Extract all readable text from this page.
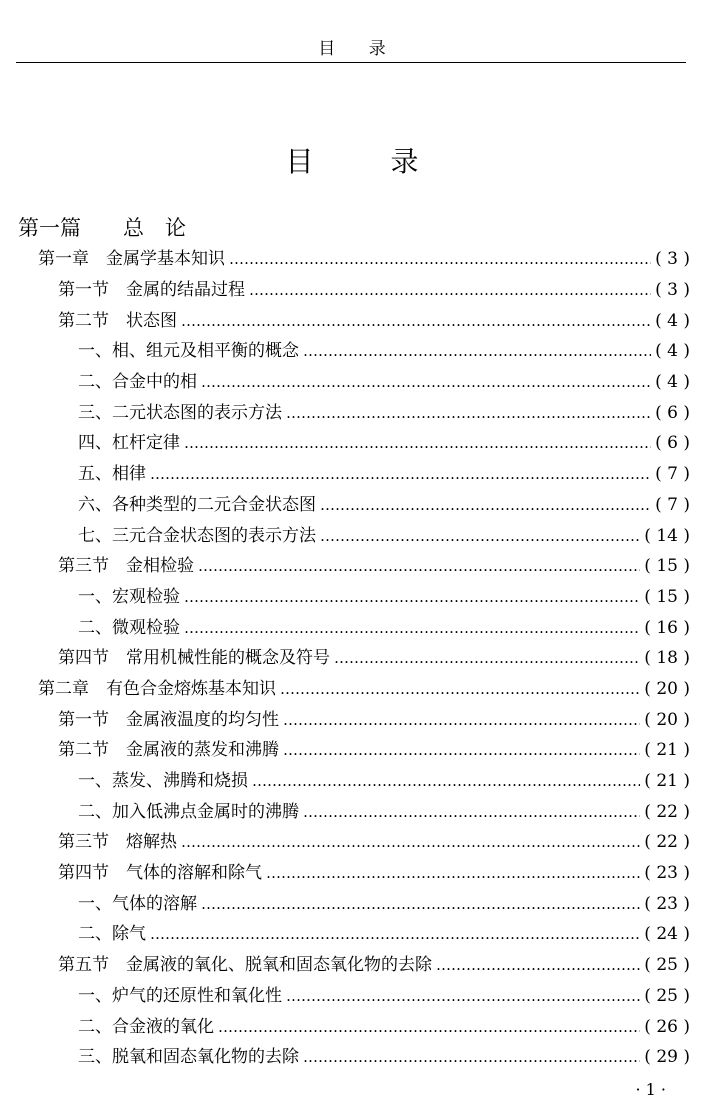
目 录
目 录
第一篇　　 总　论
第一章　金属学基本知识 …………………………………………………………………………………………………………………………………………	( 3 )
第一节　金属的结晶过程 …………………………………………………………………………………………………………………………………………	( 3 )
第二节　状态图 …………………………………………………………………………………………………………………………………………	( 4 )
一、相、组元及相平衡的概念 …………………………………………………………………………………………………………………………………………	( 4 )
二、合金中的相 …………………………………………………………………………………………………………………………………………	( 4 )
三、二元状态图的表示方法 …………………………………………………………………………………………………………………………………………	( 6 )
四、杠杆定律 …………………………………………………………………………………………………………………………………………	( 6 )
五、相律 …………………………………………………………………………………………………………………………………………	( 7 )
六、各种类型的二元合金状态图 …………………………………………………………………………………………………………………………………………	( 7 )
七、三元合金状态图的表示方法 …………………………………………………………………………………………………………………………………………	( 14 )
第三节　金相检验 …………………………………………………………………………………………………………………………………………	( 15 )
一、宏观检验 …………………………………………………………………………………………………………………………………………	( 15 )
二、微观检验 …………………………………………………………………………………………………………………………………………	( 16 )
第四节　常用机械性能的概念及符号 …………………………………………………………………………………………………………………………………………	( 18 )
第二章　有色合金熔炼基本知识 …………………………………………………………………………………………………………………………………………	( 20 )
第一节　金属液温度的均匀性 …………………………………………………………………………………………………………………………………………	( 20 )
第二节　金属液的蒸发和沸腾 …………………………………………………………………………………………………………………………………………	( 21 )
一、蒸发、沸腾和烧损 …………………………………………………………………………………………………………………………………………	( 21 )
二、加入低沸点金属时的沸腾 …………………………………………………………………………………………………………………………………………	( 22 )
第三节　熔解热 …………………………………………………………………………………………………………………………………………	( 22 )
第四节　气体的溶解和除气 …………………………………………………………………………………………………………………………………………	( 23 )
一、气体的溶解 …………………………………………………………………………………………………………………………………………	( 23 )
二、除气 …………………………………………………………………………………………………………………………………………	( 24 )
第五节　金属液的氧化、脱氧和固态氧化物的去除 …………………………………………………………………………………………………………………………………………	( 25 )
一、炉气的还原性和氧化性 …………………………………………………………………………………………………………………………………………	( 25 )
二、合金液的氧化 …………………………………………………………………………………………………………………………………………	( 26 )
三、脱氧和固态氧化物的去除 …………………………………………………………………………………………………………………………………………	( 29 )
· 1 ·
